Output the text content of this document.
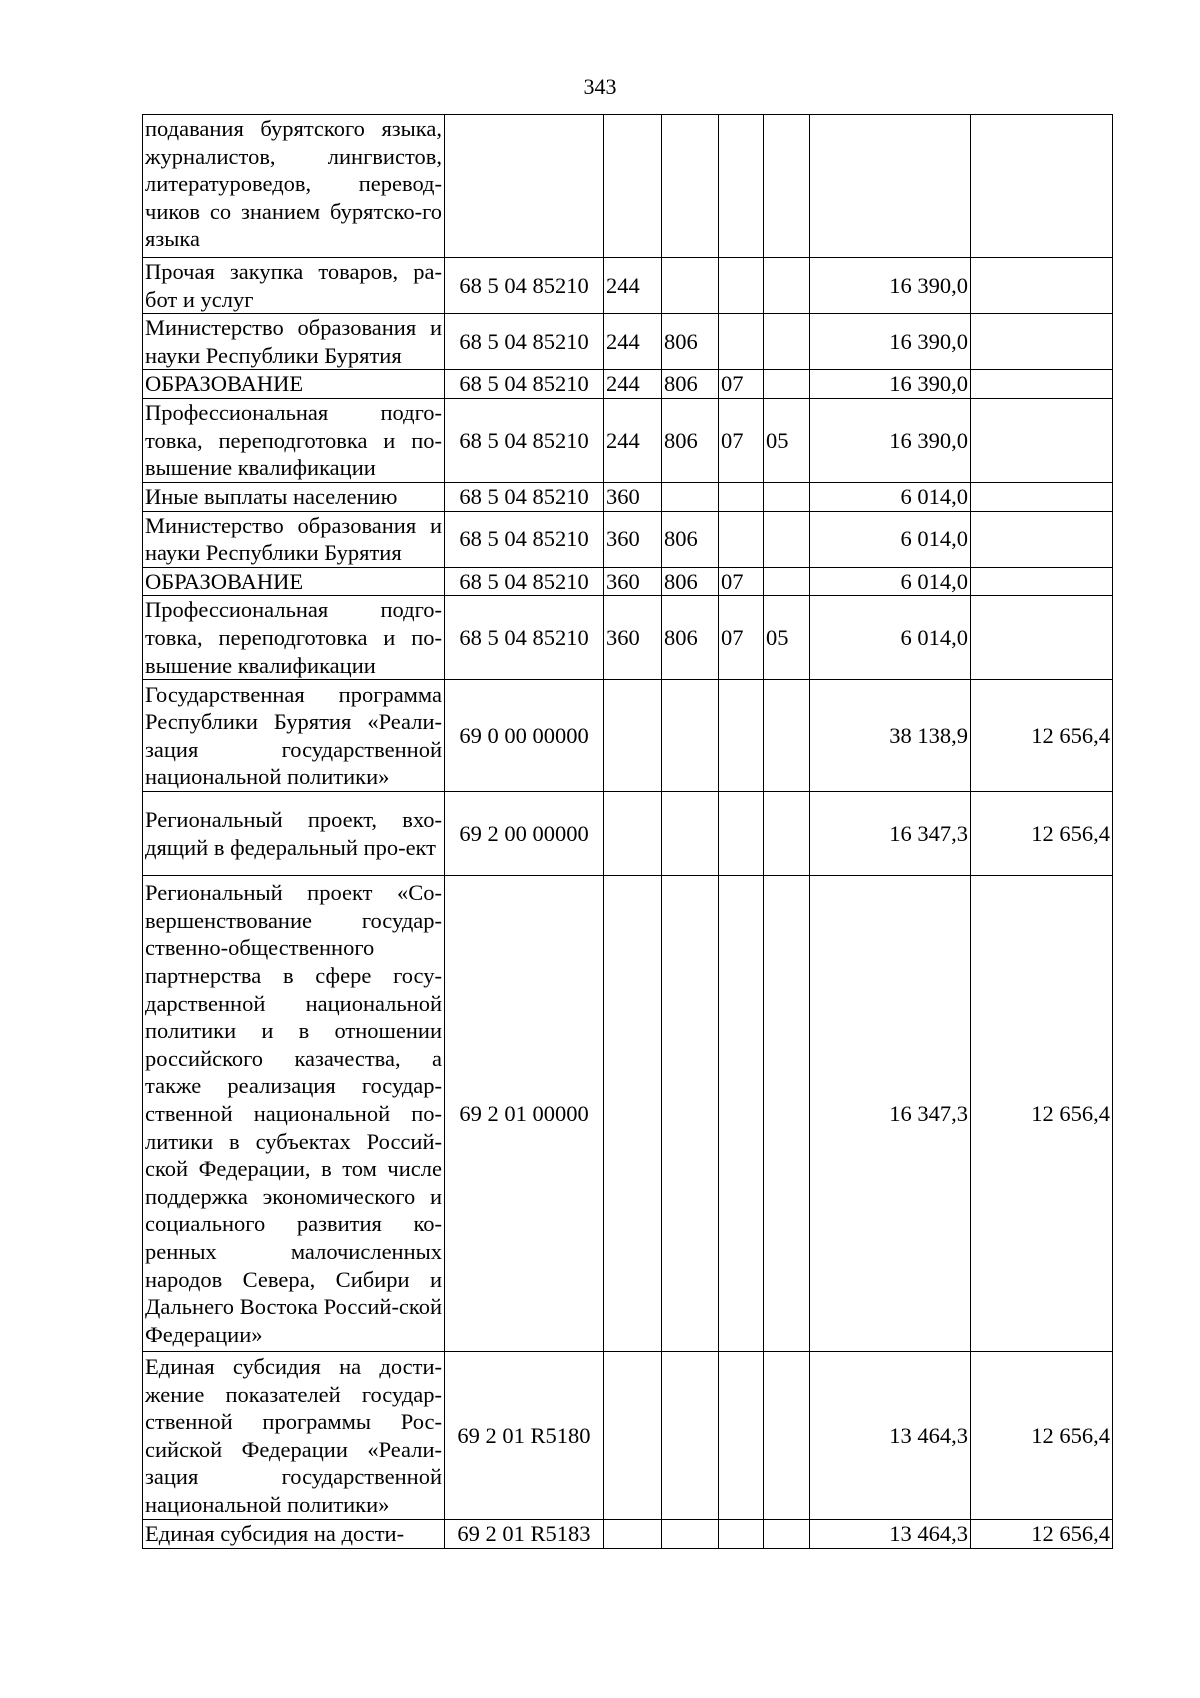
343
подавания бурятского языка, журналистов, лингвистов, литературоведов, перевод-чиков со знанием бурятско-го языка							
Прочая закупка товаров, ра-бот и услуг	68 5 04 85210	244				16 390,0	
Министерство образования и науки Республики Бурятия	68 5 04 85210	244	806			16 390,0	
ОБРАЗОВАНИЕ	68 5 04 85210	244	806	07		16 390,0	
Профессиональная подго-товка, переподготовка и по-вышение квалификации	68 5 04 85210	244	806	07	05	16 390,0	
Иные выплаты населению	68 5 04 85210	360				6 014,0	
Министерство образования и науки Республики Бурятия	68 5 04 85210	360	806			6 014,0	
ОБРАЗОВАНИЕ	68 5 04 85210	360	806	07		6 014,0	
Профессиональная подго-товка, переподготовка и по-вышение квалификации	68 5 04 85210	360	806	07	05	6 014,0	
Государственная программа Республики Бурятия «Реали-зация государственной национальной политики»	69 0 00 00000					38 138,9	12 656,4
Региональный проект, вхо-дящий в федеральный про-ект	69 2 00 00000					16 347,3	12 656,4
Региональный проект «Со-вершенствование государ-ственно-общественного партнерства в сфере госу-дарственной национальной политики и в отношении российского казачества, а также реализация государ-ственной национальной по-литики в субъектах Россий-ской Федерации, в том числе поддержка экономического и социального развития ко-ренных малочисленных народов Севера, Сибири и Дальнего Востока Россий-ской Федерации»	69 2 01 00000					16 347,3	12 656,4
Единая субсидия на дости-жение показателей государ-ственной программы Рос-сийской Федерации «Реали-зация государственной национальной политики»	69 2 01 R5180					13 464,3	12 656,4
Единая субсидия на дости-	69 2 01 R5183					13 464,3	12 656,4
